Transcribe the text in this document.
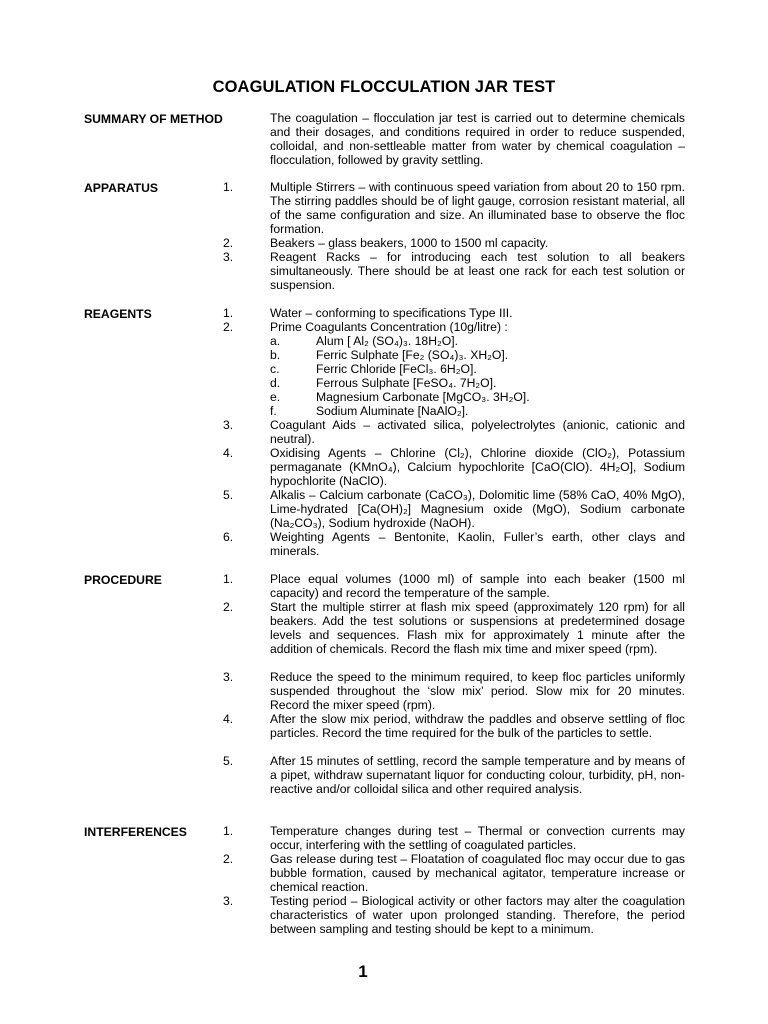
COAGULATION FLOCCULATION JAR TEST
SUMMARY OF METHOD	The coagulation – flocculation jar test is carried out to determine chemicals and their dosages, and conditions required in order to reduce suspended, colloidal, and non-settleable matter from water by chemical coagulation – flocculation, followed by gravity settling.
APPARATUS	1.	Multiple Stirrers – with continuous speed variation from about 20 to 150 rpm. The stirring paddles should be of light gauge, corrosion resistant material, all of the same configuration and size. An illuminated base to observe the floc formation.
2.	Beakers – glass beakers, 1000 to 1500 ml capacity.
3.	Reagent Racks – for introducing each test solution to all beakers simultaneously. There should be at least one rack for each test solution or suspension.
REAGENTS	1.	Water – conforming to specifications Type III.
2.	Prime Coagulants Concentration (10g/litre) :
a.	Alum [ Al₂ (SO₄)₃. 18H₂O].
b.	Ferric Sulphate [Fe₂ (SO₄)₃. XH₂O].
c.	Ferric Chloride [FeCl₃. 6H₂O].
d.	Ferrous Sulphate [FeSO₄. 7H₂O].
e.	Magnesium Carbonate [MgCO₃. 3H₂O].
f.	Sodium Aluminate [NaAlO₂].
3.	Coagulant Aids – activated silica, polyelectrolytes (anionic, cationic and neutral).
4.	Oxidising Agents – Chlorine (Cl₂), Chlorine dioxide (ClO₂), Potassium permaganate (KMnO₄), Calcium hypochlorite [CaO(ClO). 4H₂O], Sodium hypochlorite (NaClO).
5.	Alkalis – Calcium carbonate (CaCO₃), Dolomitic lime (58% CaO, 40% MgO), Lime-hydrated [Ca(OH)₂] Magnesium oxide (MgO), Sodium carbonate (Na₂CO₃), Sodium hydroxide (NaOH).
6.	Weighting Agents – Bentonite, Kaolin, Fuller’s earth, other clays and minerals.
PROCEDURE	1.	Place equal volumes (1000 ml) of sample into each beaker (1500 ml capacity) and record the temperature of the sample.
2.	Start the multiple stirrer at flash mix speed (approximately 120 rpm) for all beakers. Add the test solutions or suspensions at predetermined dosage levels and sequences. Flash mix for approximately 1 minute after the addition of chemicals. Record the flash mix time and mixer speed (rpm).
3.	Reduce the speed to the minimum required, to keep floc particles uniformly suspended throughout the ‘slow mix’ period. Slow mix for 20 minutes. Record the mixer speed (rpm).
4.	After the slow mix period, withdraw the paddles and observe settling of floc particles. Record the time required for the bulk of the particles to settle.
5.	After 15 minutes of settling, record the sample temperature and by means of a pipet, withdraw supernatant liquor for conducting colour, turbidity, pH, non-reactive and/or colloidal silica and other required analysis.
INTERFERENCES	1.	Temperature changes during test – Thermal or convection currents may occur, interfering with the settling of coagulated particles.
2.	Gas release during test – Floatation of coagulated floc may occur due to gas bubble formation, caused by mechanical agitator, temperature increase or chemical reaction.
3.	Testing period – Biological activity or other factors may alter the coagulation characteristics of water upon prolonged standing. Therefore, the period between sampling and testing should be kept to a minimum.
1
